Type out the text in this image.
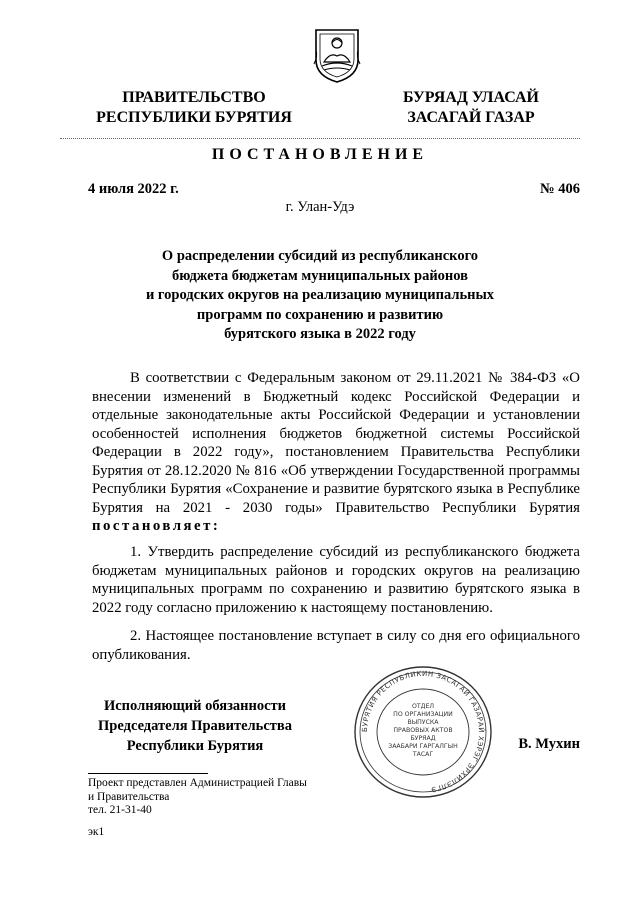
ПРАВИТЕЛЬСТВО
РЕСПУБЛИКИ БУРЯТИЯ
БУРЯАД УЛАСАЙ
ЗАСАГАЙ ГАЗАР
ПОСТАНОВЛЕНИЕ
4 июля 2022 г.	№ 406
г. Улан-Удэ
О распределении субсидий из республиканского
бюджета бюджетам муниципальных районов
и городских округов на реализацию муниципальных
программ по сохранению и развитию
бурятского языка в 2022 году

В соответствии с Федеральным законом от 29.11.2021 № 384-ФЗ «О внесении изменений в Бюджетный кодекс Российской Федерации и отдельные законодательные акты Российской Федерации и установлении особенностей исполнения бюджетов бюджетной системы Российской Федерации в 2022 году», постановлением Правительства Республики Бурятия от 28.12.2020 № 816 «Об утверждении Государственной программы Республики Бурятия «Сохранение и развитие бурятского языка в Республике Бурятия на 2021 - 2030 годы» Правительство Республики Бурятия постановляет:

1. Утвердить распределение субсидий из республиканского бюджета бюджетам муниципальных районов и городских округов на реализацию муниципальных программ по сохранению и развитию бурятского языка в 2022 году согласно приложению к настоящему постановлению.

2. Настоящее постановление вступает в силу со дня его официального опубликования.

Исполняющий обязанности
Председателя Правительства
Республики Бурятия	В. Мухин
БУРЯТИЯ РЕСПУБЛИКИН ЗАСАГАЙ ГАЗАРАЙ ХЭРЭГ ЭРХИЛЭЛГЭ
ОТДЕЛ
ПО ОРГАНИЗАЦИИ
ВЫПУСКА
ПРАВОВЫХ АКТОВ
БУРЯАД
ЗААБАРИ ГАРГАЛГЫН
ТАСАГ
Проект представлен Администрацией Главы
и Правительства
тел. 21-31-40
эк1
